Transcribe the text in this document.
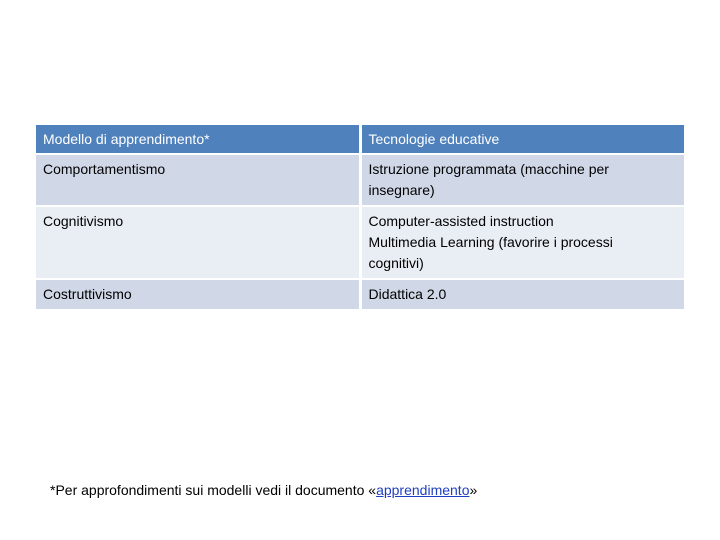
Modello di apprendimento*	Tecnologie educative
Comportamentismo	Istruzione programmata (macchine per
insegnare)

Cognitivismo	Computer-assisted instruction
Multimedia Learning (favorire i processi
cognitivi)

Costruttivismo	Didattica 2.0
*Per approfondimenti sui modelli vedi il documento «apprendimento»
